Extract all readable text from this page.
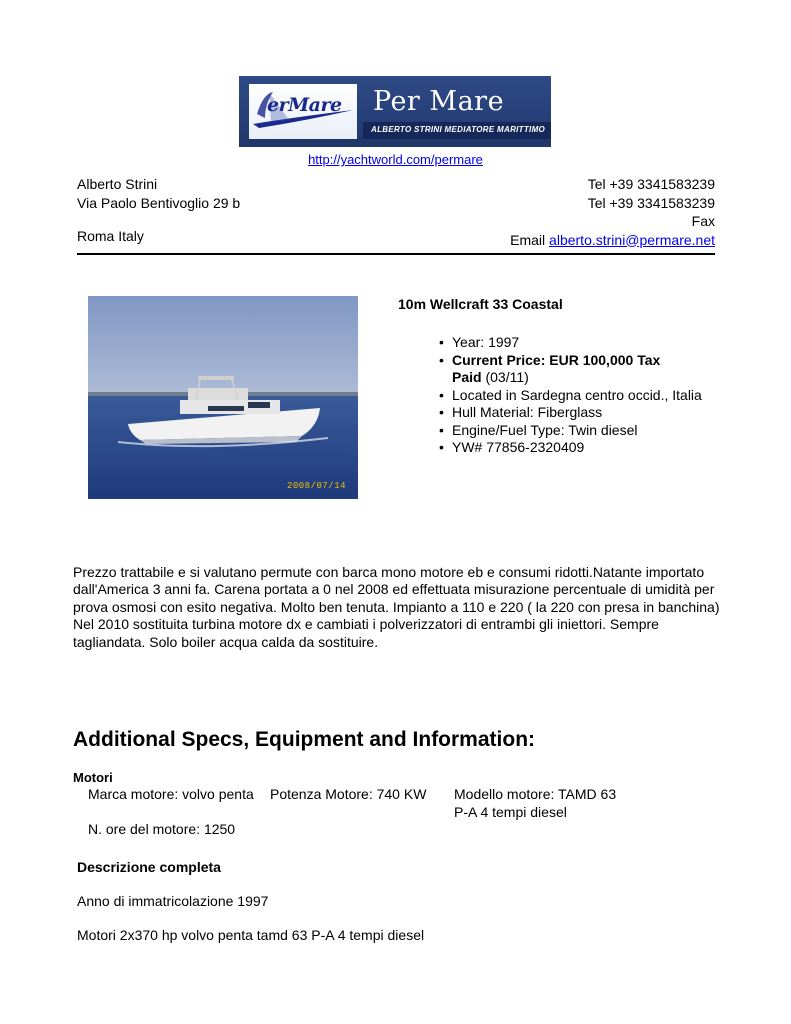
erMare Per Mare
ALBERTO STRINI MEDIATORE MARITTIMO
http://yachtworld.com/permare
Alberto Strini
Via Paolo Bentivoglio 29 b
Roma Italy
Tel +39 3341583239
Tel +39 3341583239
Fax
Email alberto.strini@permare.net
2008/07/14
10m Wellcraft 33 Coastal
• Year: 1997
• Current Price: EUR 100,000 Tax
Paid (03/11)
• Located in Sardegna centro occid., Italia
• Hull Material: Fiberglass
• Engine/Fuel Type: Twin diesel
• YW# 77856-2320409
Prezzo trattabile e si valutano permute con barca mono motore eb e consumi ridotti.Natante importato dall'America 3 anni fa. Carena portata a 0 nel 2008 ed effettuata misurazione percentuale di umidità per prova osmosi con esito negativa. Molto ben tenuta. Impianto a 110 e 220 ( la 220 con presa in banchina) Nel 2010 sostituita turbina motore dx e cambiati i polverizzatori di entrambi gli iniettori. Sempre tagliandata. Solo boiler acqua calda da sostituire.
Additional Specs, Equipment and Information:
Motori
Marca motore: volvo penta Potenza Motore: 740 KW Modello motore: TAMD 63
P-A 4 tempi diesel
N. ore del motore: 1250
Descrizione completa
Anno di immatricolazione 1997
Motori 2x370 hp volvo penta tamd 63 P-A 4 tempi diesel
